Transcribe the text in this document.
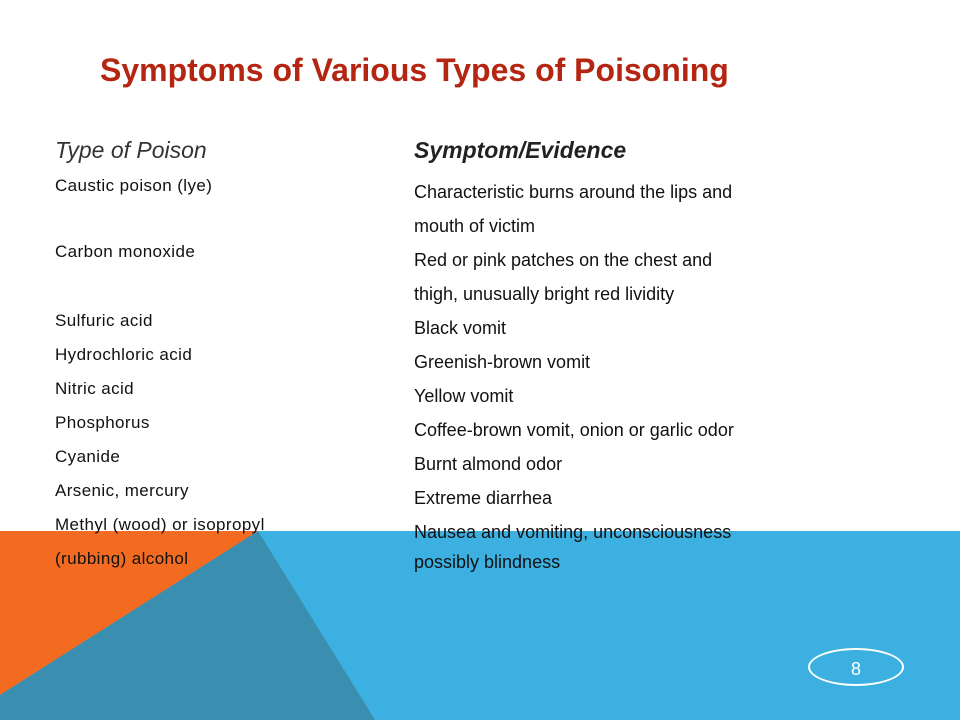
Symptoms of Various Types of Poisoning

Type of Poison

Caustic poison (lye)

Carbon monoxide

Sulfuric acid

Hydrochloric acid

Nitric acid

Phosphorus

Cyanide

Arsenic, mercury

Methyl (wood) or isopropyl

(rubbing) alcohol

Symptom/Evidence

Characteristic burns around the lips and

mouth of victim

Red or pink patches on the chest and

thigh, unusually bright red lividity

Black vomit

Greenish-brown vomit

Yellow vomit

Coffee-brown vomit, onion or garlic odor

Burnt almond odor

Extreme diarrhea

Nausea and vomiting, unconsciousness

possibly blindness

8
